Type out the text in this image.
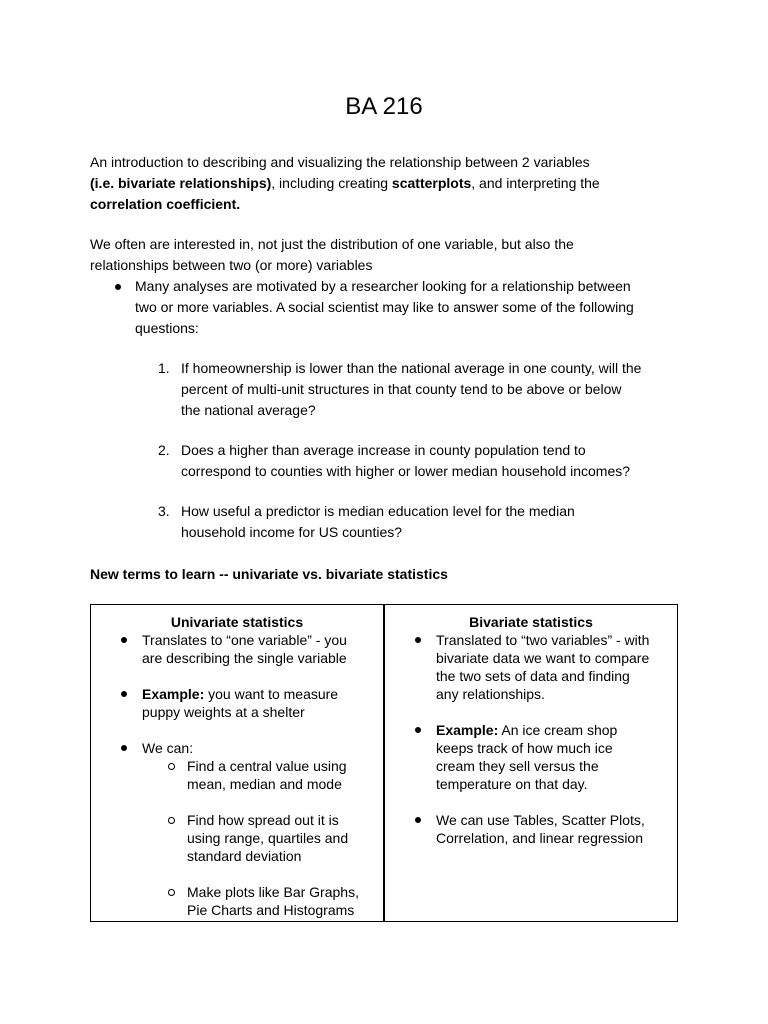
BA 216
An introduction to describing and visualizing the relationship between 2 variables
(i.e. bivariate relationships), including creating scatterplots, and interpreting the
correlation coefficient.
We often are interested in, not just the distribution of one variable, but also the
relationships between two (or more) variables
Many analyses are motivated by a researcher looking for a relationship between
two or more variables. A social scientist may like to answer some of the following
questions:
1. If homeownership is lower than the national average in one county, will the
percent of multi-unit structures in that county tend to be above or below
the national average?
2. Does a higher than average increase in county population tend to
correspond to counties with higher or lower median household incomes?
3. How useful a predictor is median education level for the median
household income for US counties?
New terms to learn -- univariate vs. bivariate statistics
Univariate statistics
Translates to “one variable” - you
are describing the single variable
Example: you want to measure
puppy weights at a shelter
We can:
Find a central value using
mean, median and mode
Find how spread out it is
using range, quartiles and
standard deviation
Make plots like Bar Graphs,
Pie Charts and Histograms
Bivariate statistics
Translated to “two variables” - with
bivariate data we want to compare
the two sets of data and finding
any relationships.
Example: An ice cream shop
keeps track of how much ice
cream they sell versus the
temperature on that day.
We can use Tables, Scatter Plots,
Correlation, and linear regression
